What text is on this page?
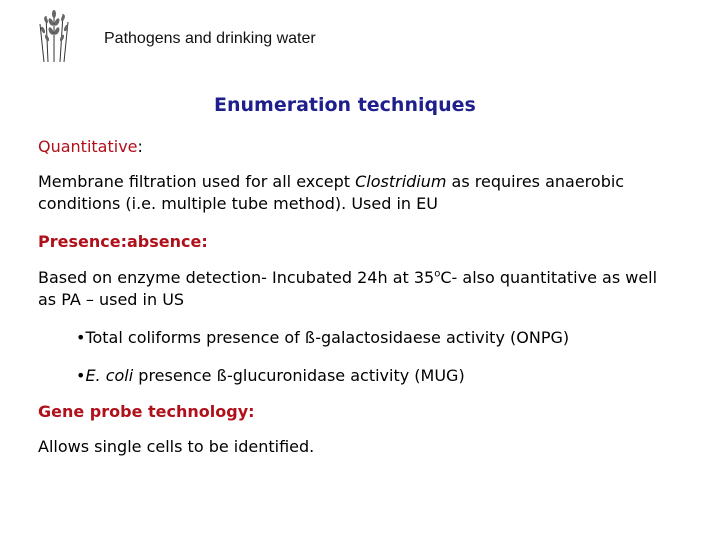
Pathogens and drinking water
Enumeration techniques
Quantitative:
Membrane filtration used for all except Clostridium as requires anaerobic conditions (i.e. multiple tube method). Used in EU
Presence:absence:
Based on enzyme detection- Incubated 24h at 35$^o$C- also quantitative as well as PA – used in US
•Total coliforms presence of ß-galactosidaese activity (ONPG)
•E. coli presence ß-glucuronidase activity (MUG)
Gene probe technology:
Allows single cells to be identified.
